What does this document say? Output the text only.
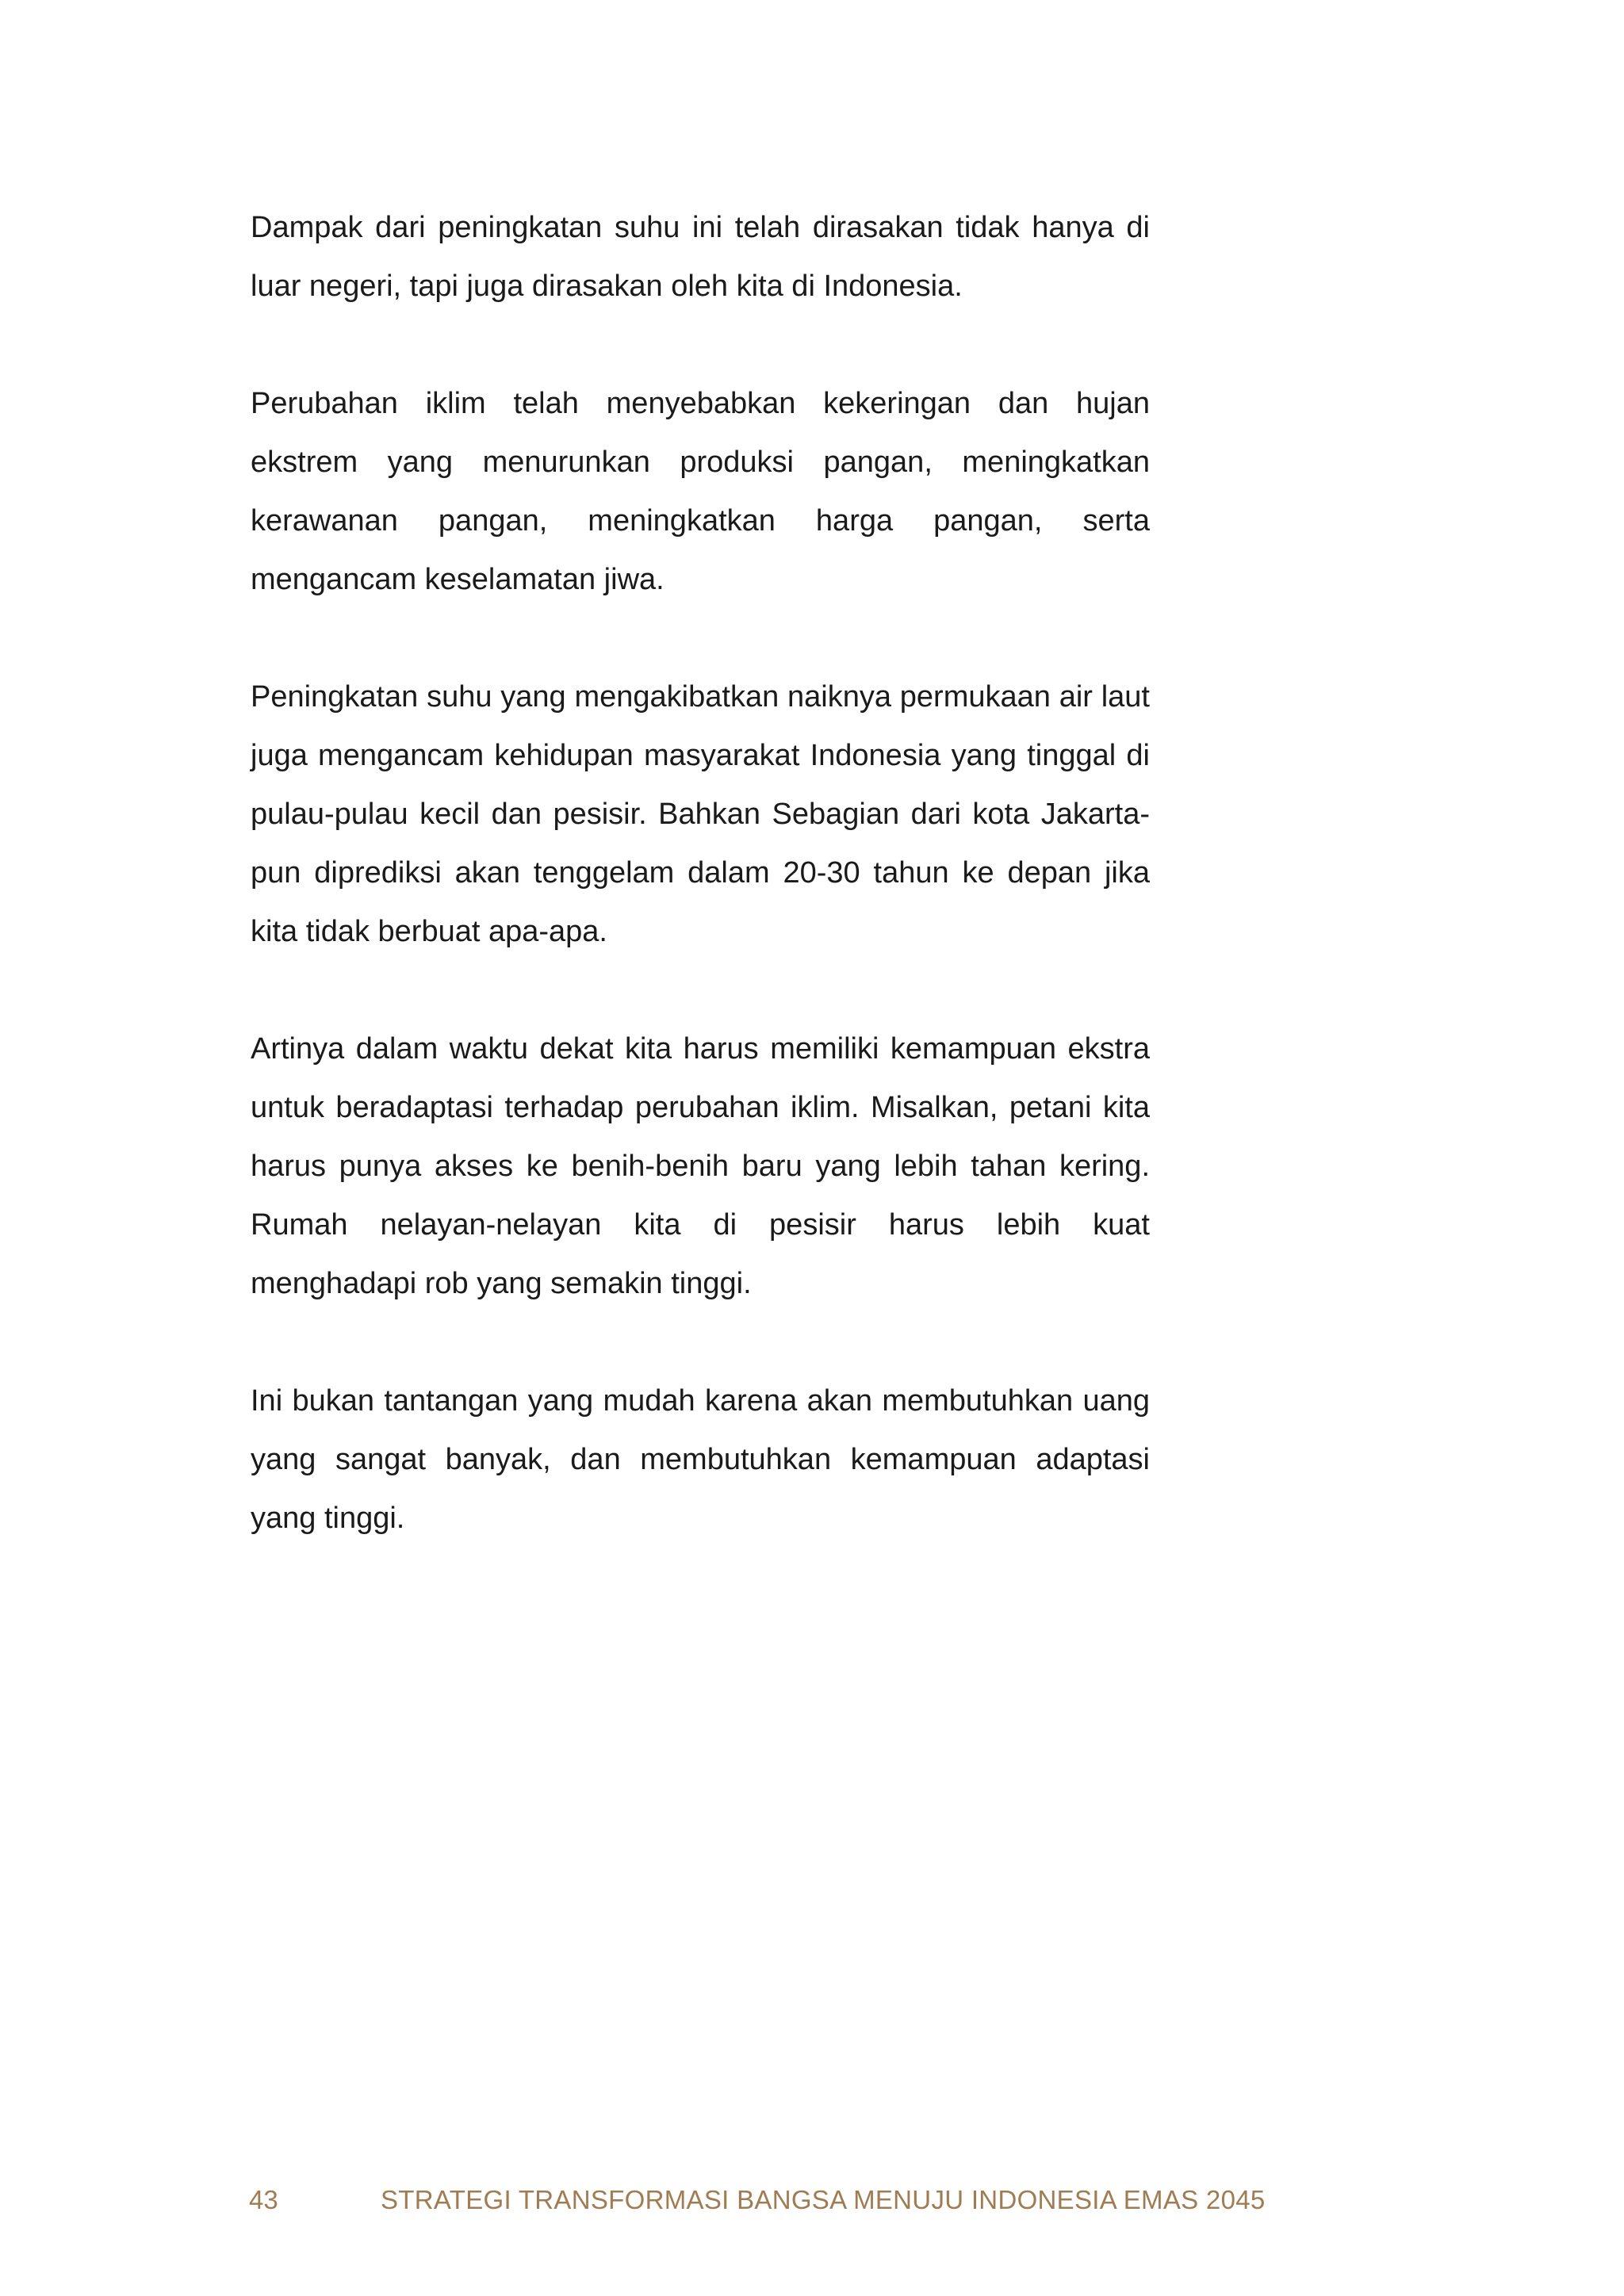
Dampak dari peningkatan suhu ini telah dirasakan tidak hanya di luar negeri, tapi juga dirasakan oleh kita di Indonesia.

Perubahan iklim telah menyebabkan kekeringan dan hujan ekstrem yang menurunkan produksi pangan, meningkatkan kerawanan pangan, meningkatkan harga pangan, serta mengancam keselamatan jiwa.

Peningkatan suhu yang mengakibatkan naiknya permukaan air laut juga mengancam kehidupan masyarakat Indonesia yang tinggal di pulau-pulau kecil dan pesisir. Bahkan Sebagian dari kota Jakarta-pun diprediksi akan tenggelam dalam 20-30 tahun ke depan jika kita tidak berbuat apa-apa.

Artinya dalam waktu dekat kita harus memiliki kemampuan ekstra untuk beradaptasi terhadap perubahan iklim. Misalkan, petani kita harus punya akses ke benih-benih baru yang lebih tahan kering. Rumah nelayan-nelayan kita di pesisir harus lebih kuat menghadapi rob yang semakin tinggi.

Ini bukan tantangan yang mudah karena akan membutuhkan uang yang sangat banyak, dan membutuhkan kemampuan adaptasi yang tinggi.

43	STRATEGI TRANSFORMASI BANGSA MENUJU INDONESIA EMAS 2045
